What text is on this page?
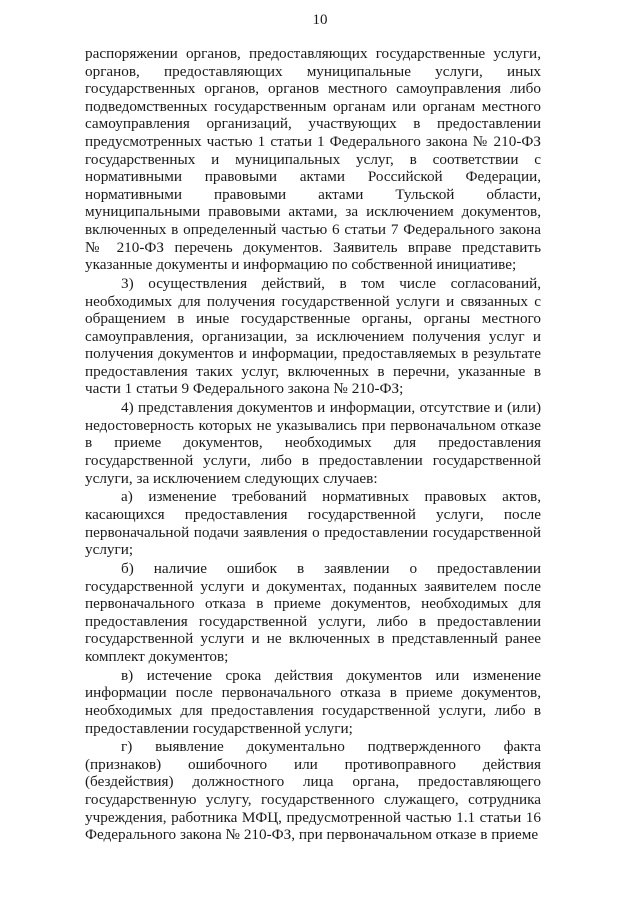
10

распоряжении органов, предоставляющих государственные услуги, органов, предоставляющих муниципальные услуги, иных государственных органов, органов местного самоуправления либо подведомственных государственным органам или органам местного самоуправления организаций, участвующих в предоставлении предусмотренных частью 1 статьи 1 Федерального закона № 210-ФЗ государственных и муниципальных услуг, в соответствии с нормативными правовыми актами Российской Федерации, нормативными правовыми актами Тульской области, муниципальными правовыми актами, за исключением документов, включенных в определенный частью 6 статьи 7 Федерального закона № 210-ФЗ перечень документов. Заявитель вправе представить указанные документы и информацию по собственной инициативе;

3) осуществления действий, в том числе согласований, необходимых для получения государственной услуги и связанных с обращением в иные государственные органы, органы местного самоуправления, организации, за исключением получения услуг и получения документов и информации, предоставляемых в результате предоставления таких услуг, включенных в перечни, указанные в части 1 статьи 9 Федерального закона № 210-ФЗ;

4) представления документов и информации, отсутствие и (или) недостоверность которых не указывались при первоначальном отказе в приеме документов, необходимых для предоставления государственной услуги, либо в предоставлении государственной услуги, за исключением следующих случаев:

а) изменение требований нормативных правовых актов, касающихся предоставления государственной услуги, после первоначальной подачи заявления о предоставлении государственной услуги;

б) наличие ошибок в заявлении о предоставлении государственной услуги и документах, поданных заявителем после первоначального отказа в приеме документов, необходимых для предоставления государственной услуги, либо в предоставлении государственной услуги и не включенных в представленный ранее комплект документов;

в) истечение срока действия документов или изменение информации после первоначального отказа в приеме документов, необходимых для предоставления государственной услуги, либо в предоставлении государственной услуги;

г) выявление документально подтвержденного факта (признаков) ошибочного или противоправного действия (бездействия) должностного лица органа, предоставляющего государственную услугу, государственного служащего, сотрудника учреждения, работника МФЦ, предусмотренной частью 1.1 статьи 16 Федерального закона № 210-ФЗ, при первоначальном отказе в приеме
